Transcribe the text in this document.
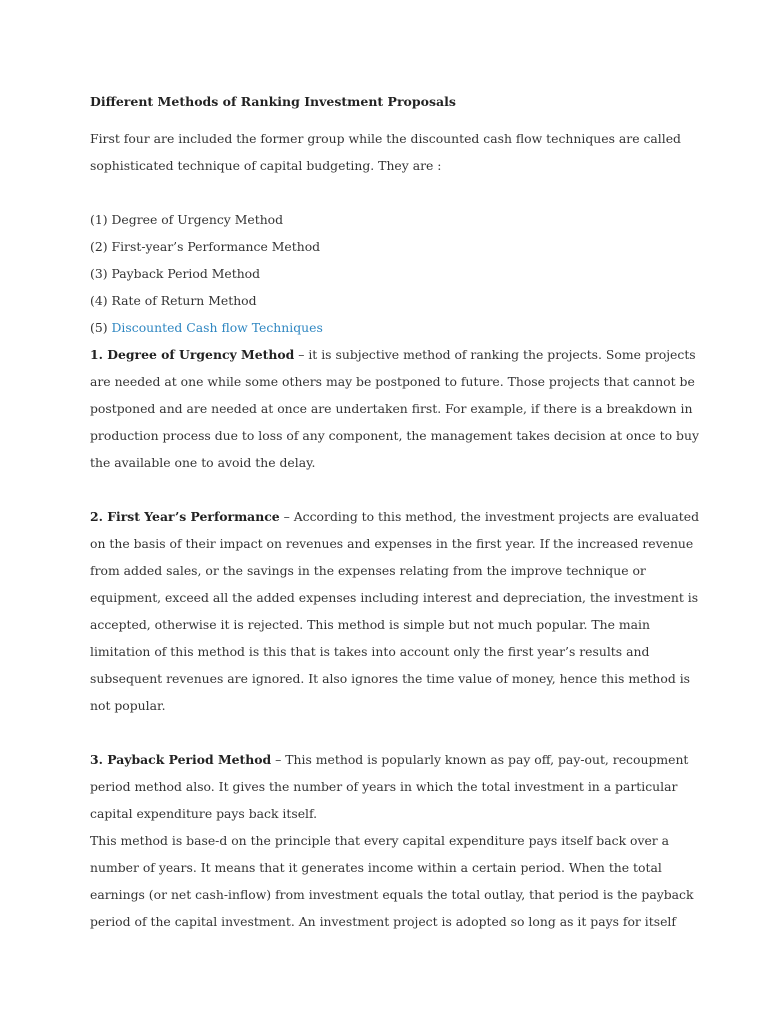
Different Methods of Ranking Investment Proposals
First four are included the former group while the discounted cash flow techniques are called
sophisticated technique of capital budgeting. They are :
(1) Degree of Urgency Method
(2) First-year’s Performance Method
(3) Payback Period Method
(4) Rate of Return Method
(5) Discounted Cash flow Techniques
1. Degree of Urgency Method – it is subjective method of ranking the projects. Some projects
are needed at one while some others may be postponed to future. Those projects that cannot be
postponed and are needed at once are undertaken first. For example, if there is a breakdown in
production process due to loss of any component, the management takes decision at once to buy
the available one to avoid the delay.
2. First Year’s Performance – According to this method, the investment projects are evaluated
on the basis of their impact on revenues and expenses in the first year. If the increased revenue
from added sales, or the savings in the expenses relating from the improve technique or
equipment, exceed all the added expenses including interest and depreciation, the investment is
accepted, otherwise it is rejected. This method is simple but not much popular. The main
limitation of this method is this that is takes into account only the first year’s results and
subsequent revenues are ignored. It also ignores the time value of money, hence this method is
not popular.
3. Payback Period Method – This method is popularly known as pay off, pay-out, recoupment
period method also. It gives the number of years in which the total investment in a particular
capital expenditure pays back itself.
This method is base-d on the principle that every capital expenditure pays itself back over a
number of years. It means that it generates income within a certain period. When the total
earnings (or net cash-inflow) from investment equals the total outlay, that period is the payback
period of the capital investment. An investment project is adopted so long as it pays for itself
